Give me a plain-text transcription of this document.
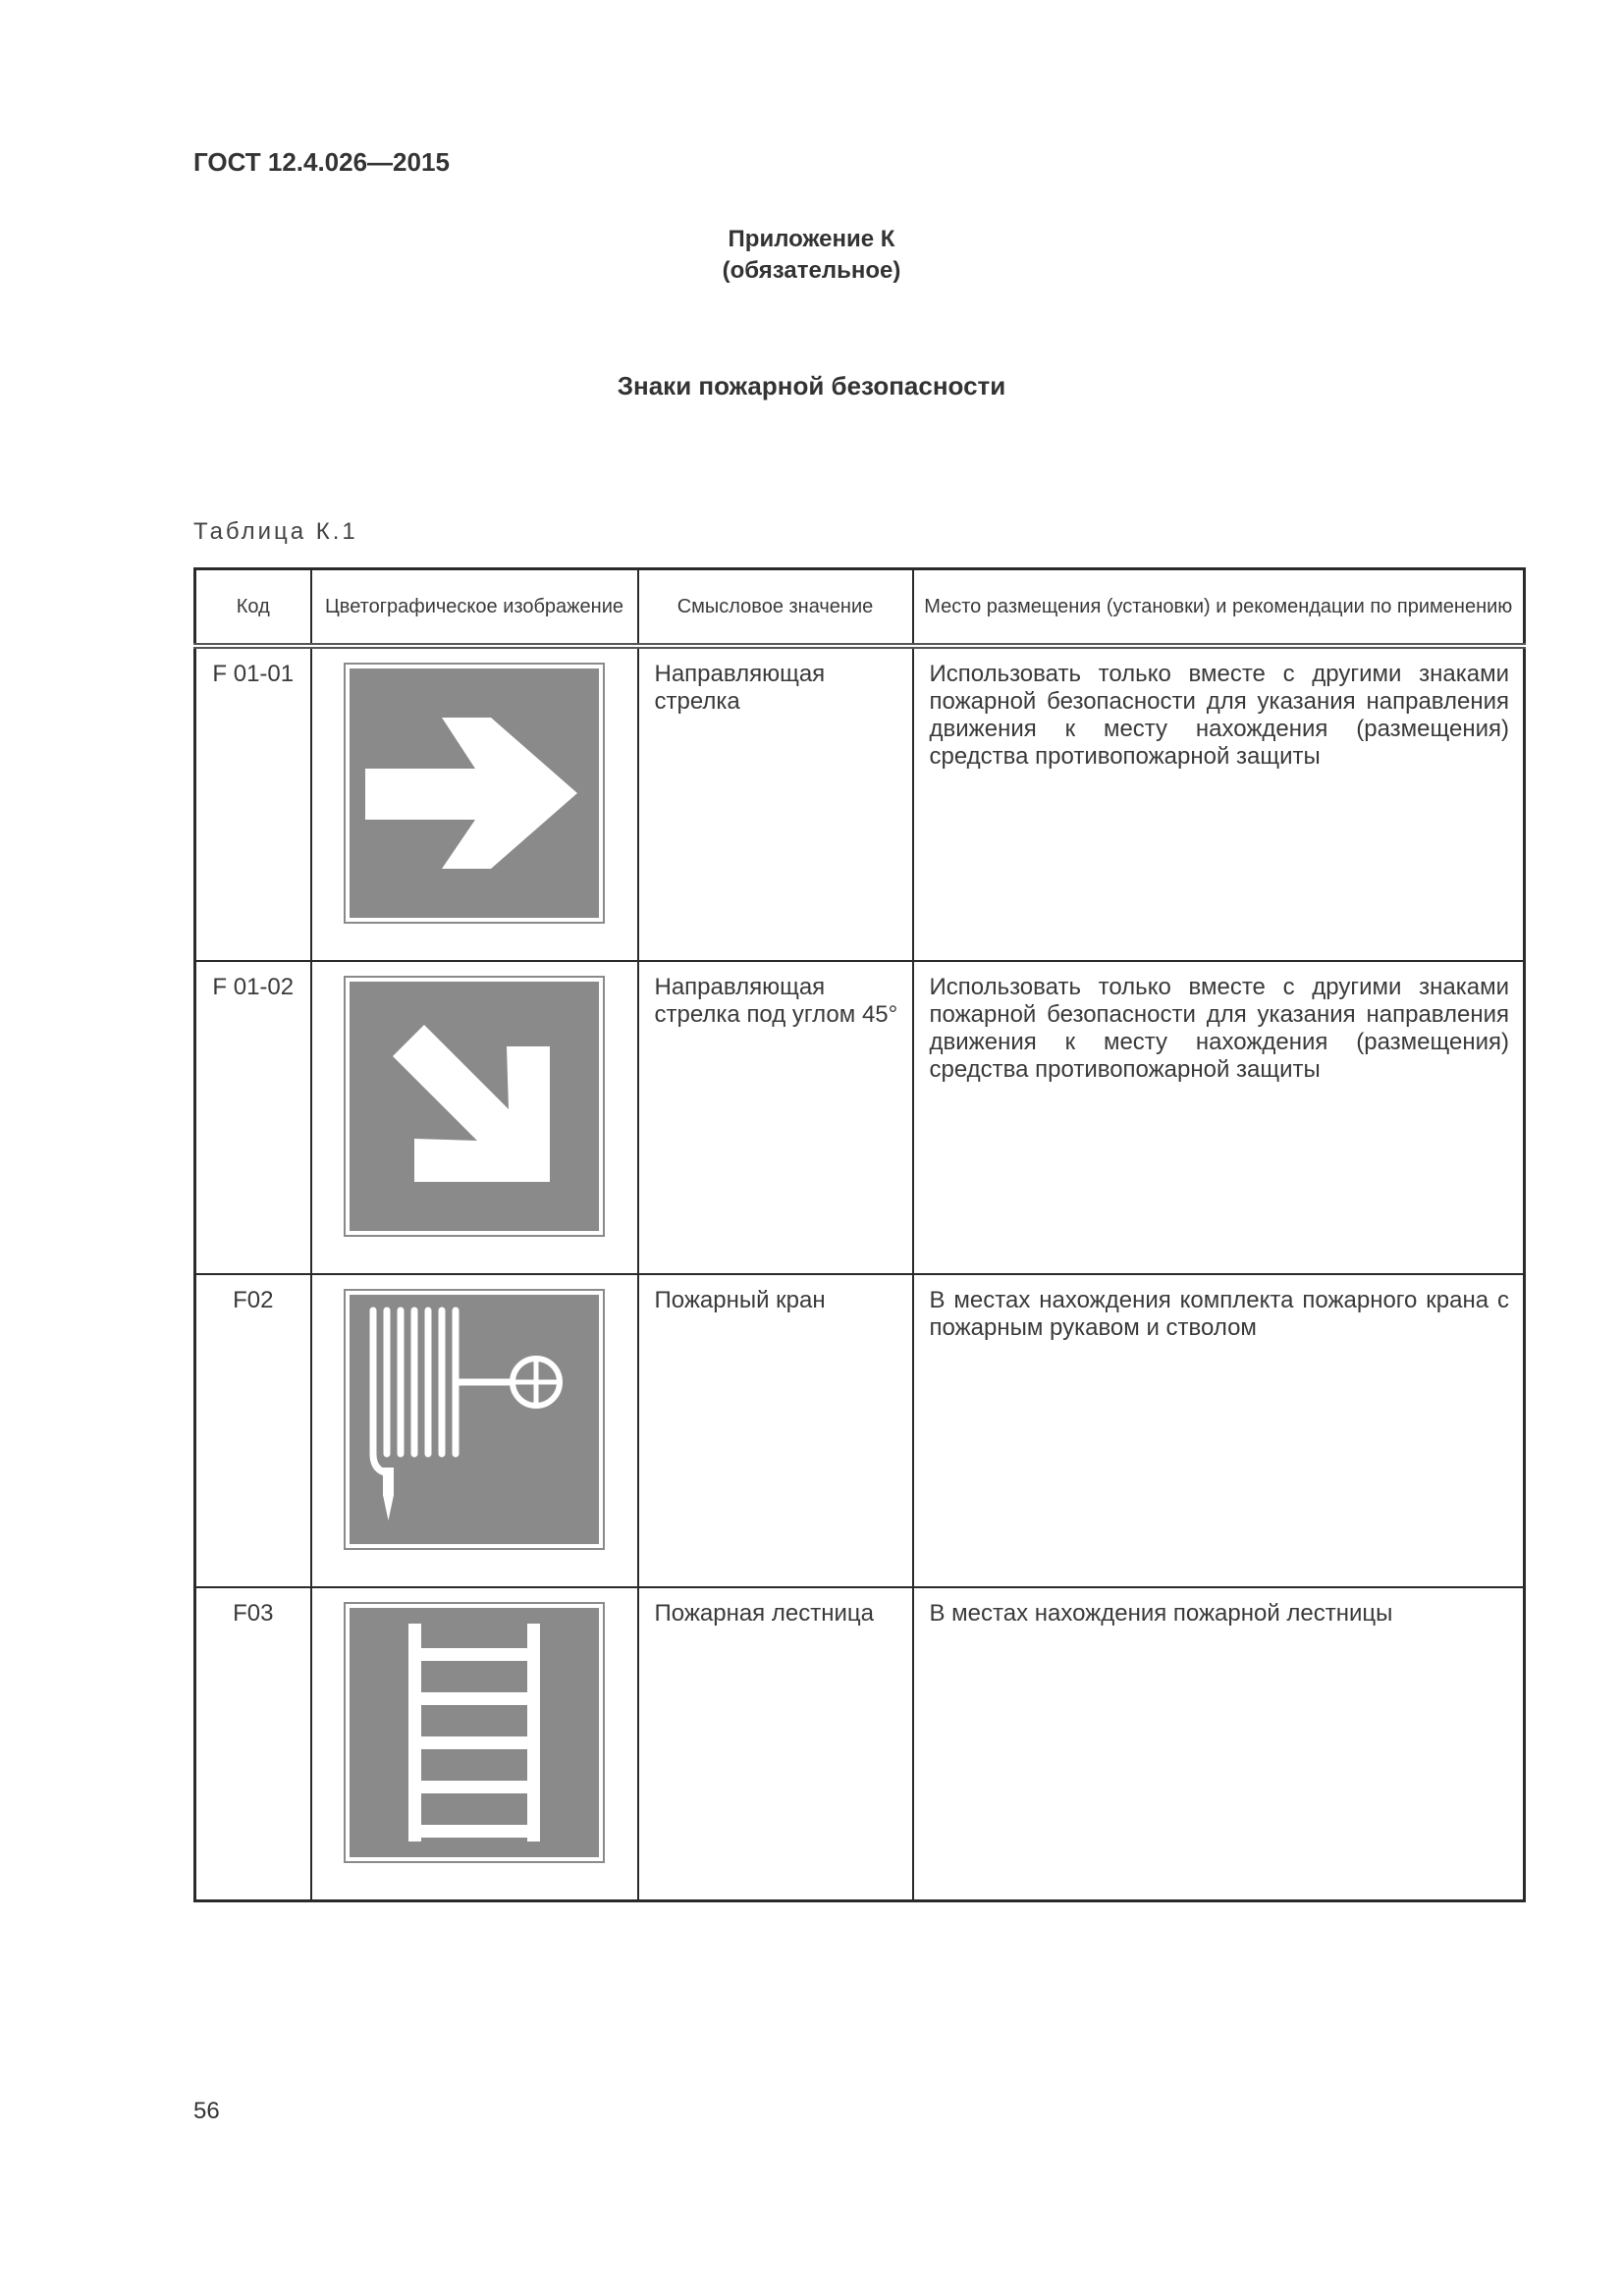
ГОСТ 12.4.026—2015
Приложение К
(обязательное)
Знаки пожарной безопасности
Таблица К.1
Код	Цветографическое изображение	Смысловое значение	Место размещения (установки) и рекомендации по применению
F 01-01		Направляющая стрелка	Использовать только вместе с другими знаками пожарной безопасности для указания направления движения к месту нахождения (размещения) средства противопожарной защиты
F 01-02		Направляющая стрелка под углом 45°	Использовать только вместе с другими знаками пожарной безопасности для указания направления движения к месту нахождения (размещения) средства противопожарной защиты
F02		Пожарный кран	В местах нахождения комплекта пожарного крана с пожарным рукавом и стволом
F03		Пожарная лестница	В местах нахождения пожарной лестницы
56
